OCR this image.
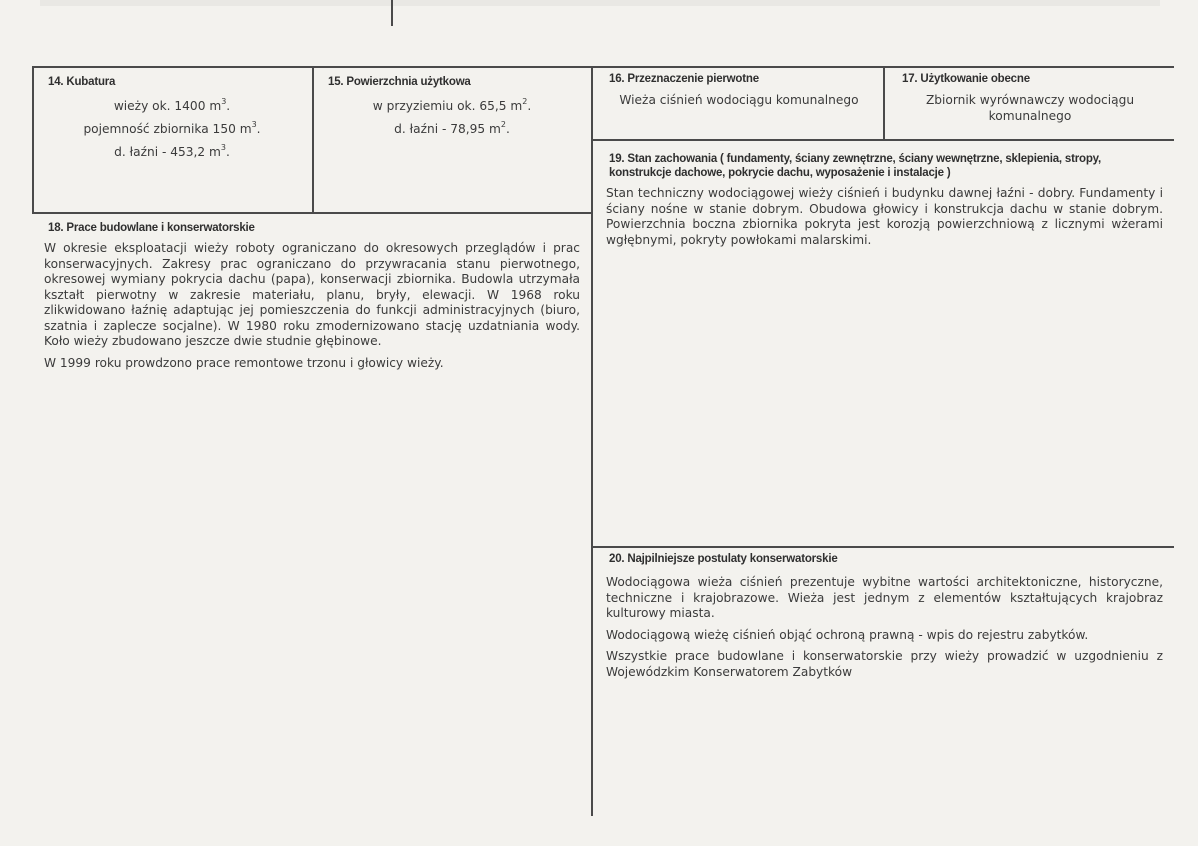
14. Kubatura
wieży ok. 1400 $m^3$.
pojemność zbiornika 150 $m^3$.
d. łaźni - 453,2 $m^3$.
15. Powierzchnia użytkowa
w przyziemiu ok. 65,5 $m^2$.
d. łaźni - 78,95 $m^2$.
16. Przeznaczenie pierwotne
Wieża ciśnień wodociągu komunalnego
17. Użytkowanie obecne
Zbiornik wyrównawczy wodociągu komunalnego
19. Stan zachowania ( fundamenty, ściany zewnętrzne, ściany wewnętrzne, sklepienia, stropy, konstrukcje dachowe, pokrycie dachu, wyposażenie i instalacje )
Stan techniczny wodociągowej wieży ciśnień i budynku dawnej łaźni - dobry. Fundamenty i ściany nośne w stanie dobrym. Obudowa głowicy i konstrukcja dachu w stanie dobrym. Powierzchnia boczna zbiornika pokryta jest korozją powierzchniową z licznymi wżerami wgłębnymi, pokryty powłokami malarskimi.
18. Prace budowlane i konserwatorskie

W okresie eksploatacji wieży roboty ograniczano do okresowych przeglądów i prac konserwacyjnych. Zakresy prac ograniczano do przywracania stanu pierwotnego, okresowej wymiany pokrycia dachu (papa), konserwacji zbiornika. Budowla utrzymała kształt pierwotny w zakresie materiału, planu, bryły, elewacji. W 1968 roku zlikwidowano łaźnię adaptując jej pomieszczenia do funkcji administracyjnych (biuro, szatnia i zaplecze socjalne). W 1980 roku zmodernizowano stację uzdatniania wody. Koło wieży zbudowano jeszcze dwie studnie głębinowe.

W 1999 roku prowdzono prace remontowe trzonu i głowicy wieży.

20. Najpilniejsze postulaty konserwatorskie

Wodociągowa wieża ciśnień prezentuje wybitne wartości architektoniczne, historyczne, techniczne i krajobrazowe. Wieża jest jednym z elementów kształtujących krajobraz kulturowy miasta.

Wodociągową wieżę ciśnień objąć ochroną prawną - wpis do rejestru zabytków.

Wszystkie prace budowlane i konserwatorskie przy wieży prowadzić w uzgodnieniu z Wojewódzkim Konserwatorem Zabytków
